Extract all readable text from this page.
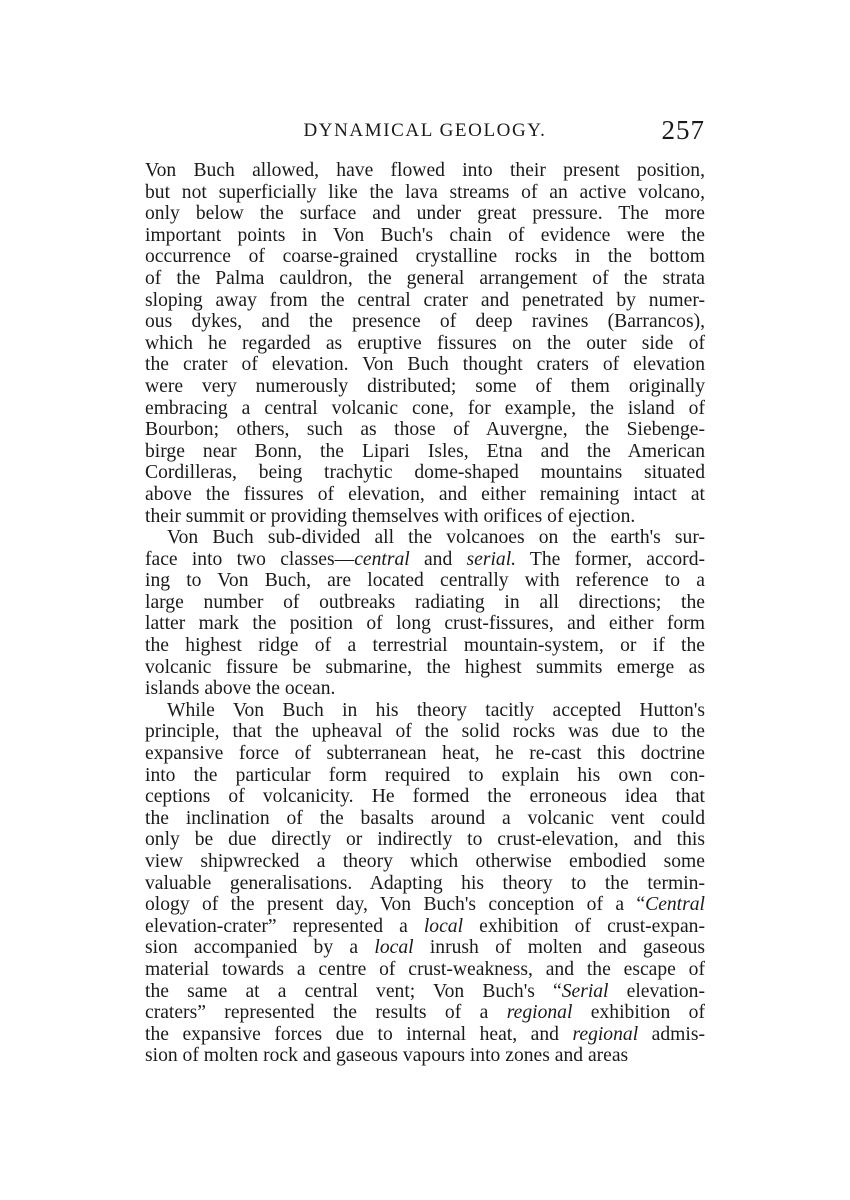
DYNAMICAL GEOLOGY.	257
Von Buch allowed, have flowed into their present position,
but not superficially like the lava streams of an active volcano,
only below the surface and under great pressure. The more
important points in Von Buch's chain of evidence were the
occurrence of coarse-grained crystalline rocks in the bottom
of the Palma cauldron, the general arrangement of the strata
sloping away from the central crater and penetrated by numer-
ous dykes, and the presence of deep ravines (Barrancos),
which he regarded as eruptive fissures on the outer side of
the crater of elevation. Von Buch thought craters of elevation
were very numerously distributed; some of them originally
embracing a central volcanic cone, for example, the island of
Bourbon; others, such as those of Auvergne, the Siebenge-
birge near Bonn, the Lipari Isles, Etna and the American
Cordilleras, being trachytic dome-shaped mountains situated
above the fissures of elevation, and either remaining intact at
their summit or providing themselves with orifices of ejection.
Von Buch sub-divided all the volcanoes on the earth's sur-
face into two classes—central and serial. The former, accord-
ing to Von Buch, are located centrally with reference to a
large number of outbreaks radiating in all directions; the
latter mark the position of long crust-fissures, and either form
the highest ridge of a terrestrial mountain-system, or if the
volcanic fissure be submarine, the highest summits emerge as
islands above the ocean.
While Von Buch in his theory tacitly accepted Hutton's
principle, that the upheaval of the solid rocks was due to the
expansive force of subterranean heat, he re-cast this doctrine
into the particular form required to explain his own con-
ceptions of volcanicity. He formed the erroneous idea that
the inclination of the basalts around a volcanic vent could
only be due directly or indirectly to crust-elevation, and this
view shipwrecked a theory which otherwise embodied some
valuable generalisations. Adapting his theory to the termin-
ology of the present day, Von Buch's conception of a “Central
elevation-crater” represented a local exhibition of crust-expan-
sion accompanied by a local inrush of molten and gaseous
material towards a centre of crust-weakness, and the escape of
the same at a central vent; Von Buch's “Serial elevation-
craters” represented the results of a regional exhibition of
the expansive forces due to internal heat, and regional admis-
sion of molten rock and gaseous vapours into zones and areas
